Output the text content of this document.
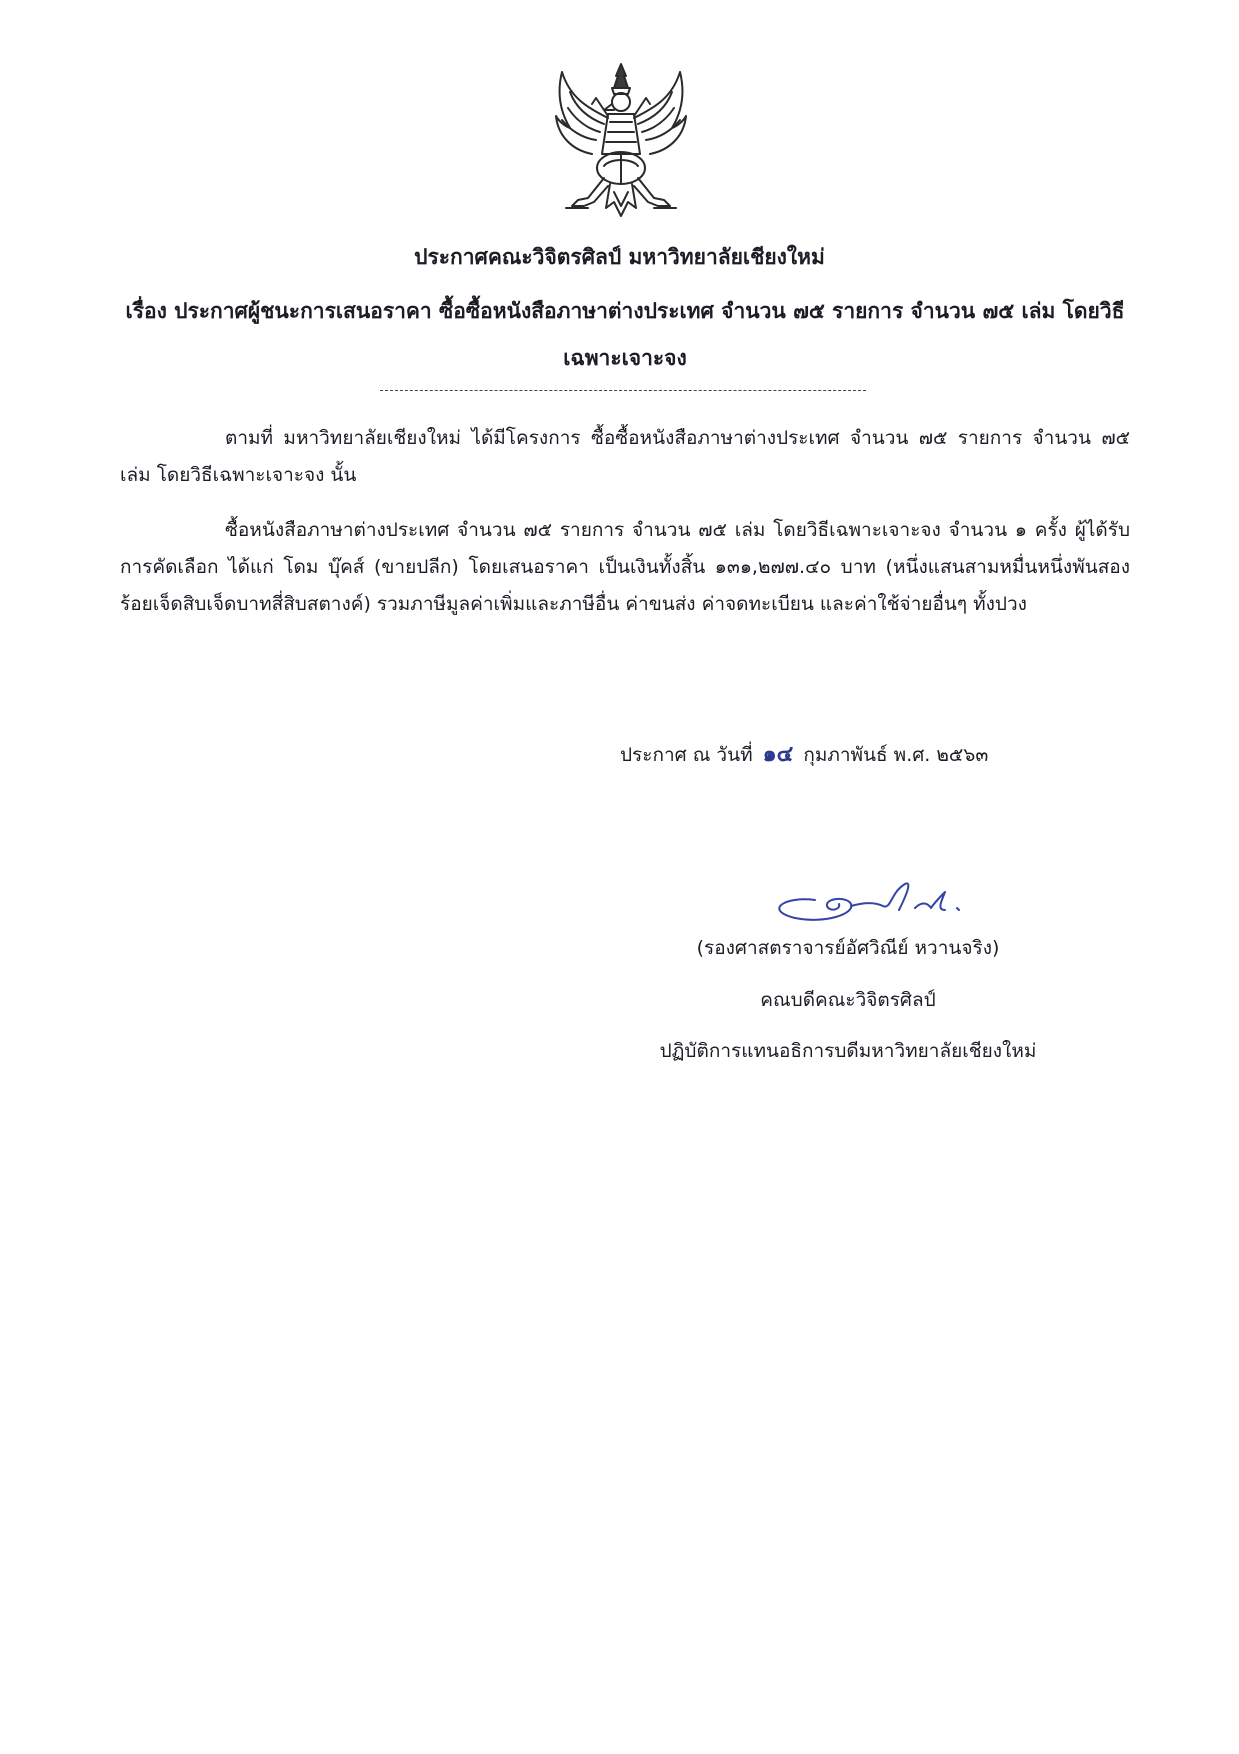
ประกาศคณะวิจิตรศิลป์ มหาวิทยาลัยเชียงใหม่
เรื่อง ประกาศผู้ชนะการเสนอราคา ซื้อซื้อหนังสือภาษาต่างประเทศ จำนวน ๗๕ รายการ จำนวน ๗๕ เล่ม โดยวิธีเฉพาะเจาะจง

ตามที่ มหาวิทยาลัยเชียงใหม่ ได้มีโครงการ ซื้อซื้อหนังสือภาษาต่างประเทศ จำนวน ๗๕ รายการ จำนวน ๗๕ เล่ม โดยวิธีเฉพาะเจาะจง นั้น

ซื้อหนังสือภาษาต่างประเทศ จำนวน ๗๕ รายการ จำนวน ๗๕ เล่ม โดยวิธีเฉพาะเจาะจง จำนวน ๑ ครั้ง ผู้ได้รับการคัดเลือก ได้แก่ โดม บุ๊คส์ (ขายปลีก) โดยเสนอราคา เป็นเงินทั้งสิ้น ๑๓๑,๒๗๗.๔๐ บาท (หนึ่งแสนสามหมื่นหนึ่งพันสองร้อยเจ็ดสิบเจ็ดบาทสี่สิบสตางค์) รวมภาษีมูลค่าเพิ่มและภาษีอื่น ค่าขนส่ง ค่าจดทะเบียน และค่าใช้จ่ายอื่นๆ ทั้งปวง

ประกาศ ณ วันที่ ๑๔ กุมภาพันธ์ พ.ศ. ๒๕๖๓
(รองศาสตราจารย์อัศวิณีย์ หวานจริง)
คณบดีคณะวิจิตรศิลป์
ปฏิบัติการแทนอธิการบดีมหาวิทยาลัยเชียงใหม่
